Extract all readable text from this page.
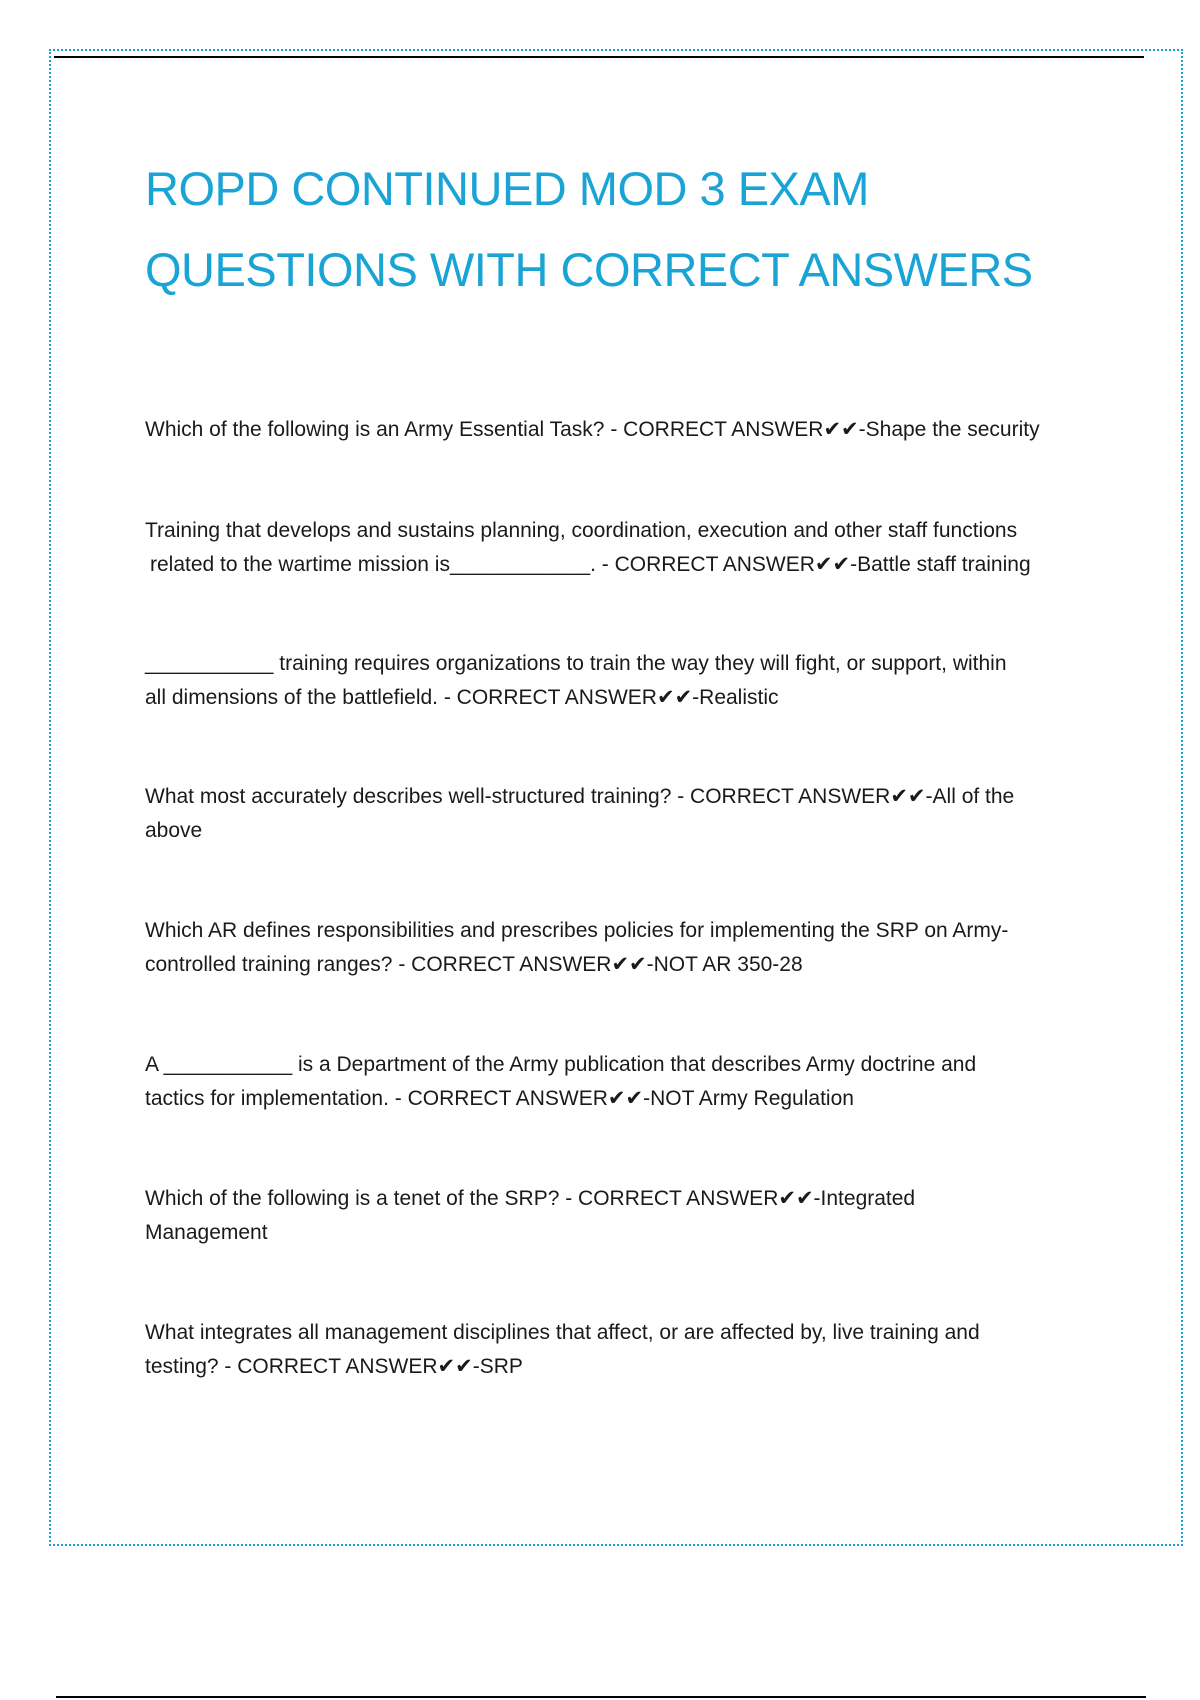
ROPD CONTINUED MOD 3 EXAM
QUESTIONS WITH CORRECT ANSWERS

Which of the following is an Army Essential Task? - CORRECT ANSWER✔✔-Shape the security

Training that develops and sustains planning, coordination, execution and other staff functions
related to the wartime mission is____________. - CORRECT ANSWER✔✔-Battle staff training

___________ training requires organizations to train the way they will fight, or support, within
all dimensions of the battlefield. - CORRECT ANSWER✔✔-Realistic

What most accurately describes well-structured training? - CORRECT ANSWER✔✔-All of the
above

Which AR defines responsibilities and prescribes policies for implementing the SRP on Army-
controlled training ranges? - CORRECT ANSWER✔✔-NOT AR 350-28

A ___________ is a Department of the Army publication that describes Army doctrine and
tactics for implementation. - CORRECT ANSWER✔✔-NOT Army Regulation

Which of the following is a tenet of the SRP? - CORRECT ANSWER✔✔-Integrated
Management

What integrates all management disciplines that affect, or are affected by, live training and
testing? - CORRECT ANSWER✔✔-SRP
